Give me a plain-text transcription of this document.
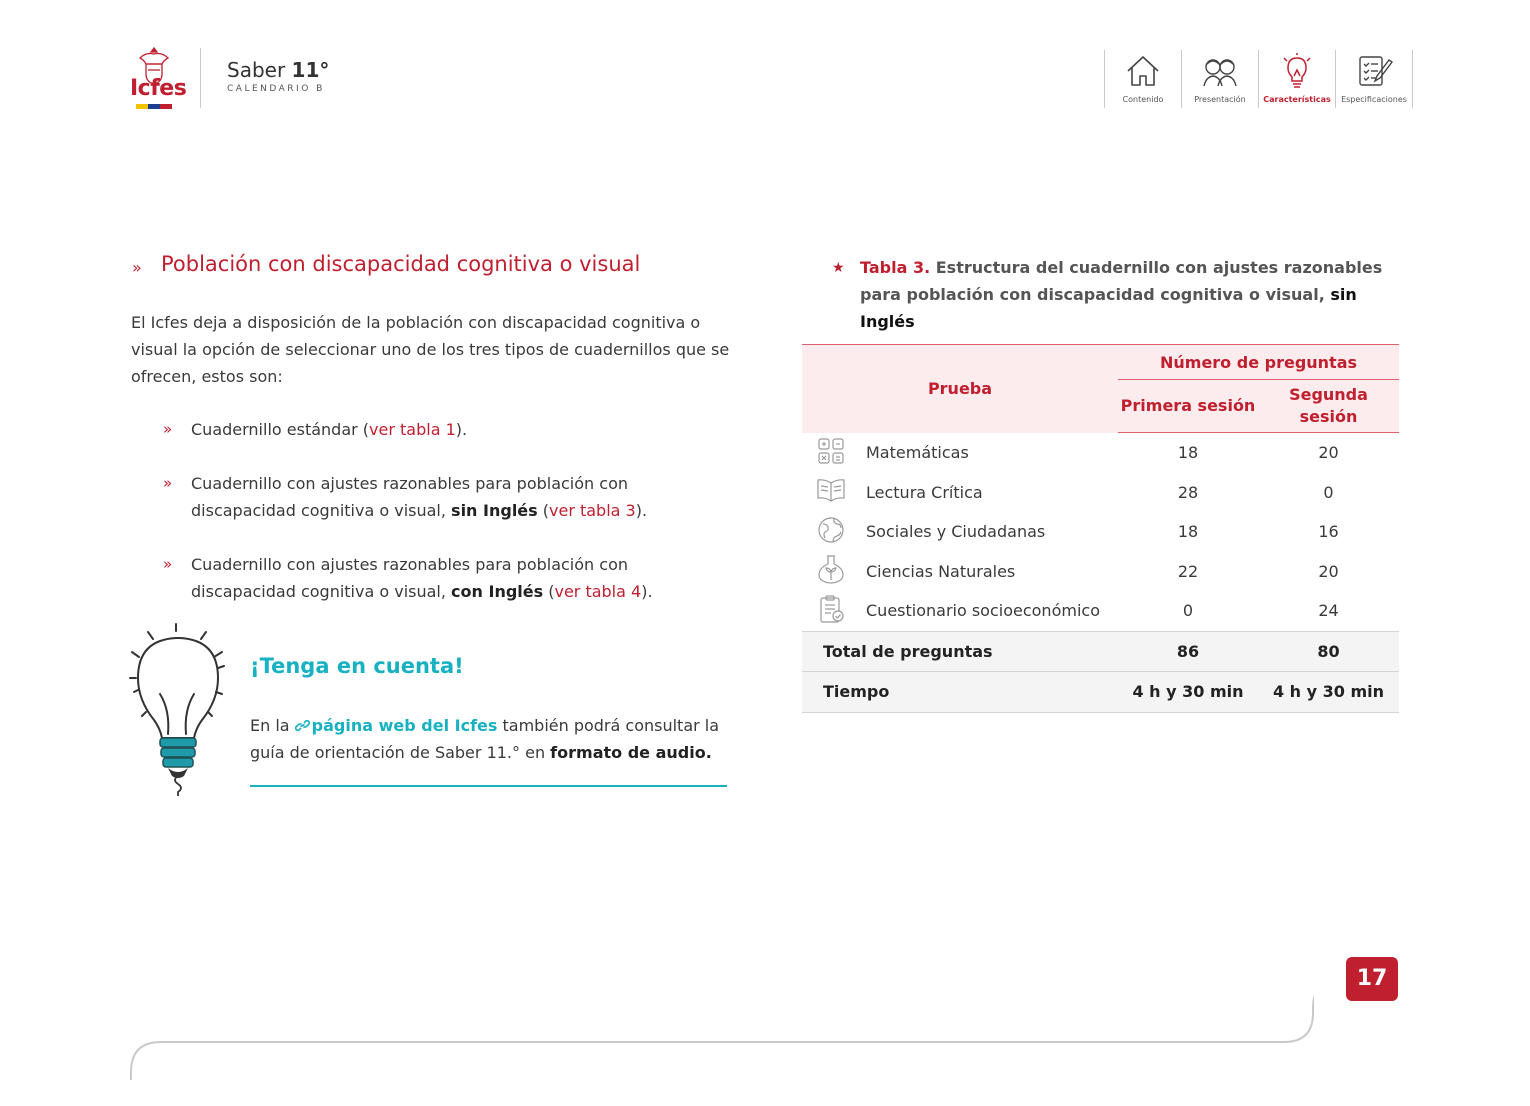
Icfes
Saber 11°
CALENDARIO B
Contenido	Presentación	Características	Especificaciones
» Población con discapacidad cognitiva o visual
El Icfes deja a disposición de la población con discapacidad cognitiva o visual la opción de seleccionar uno de los tres tipos de cuadernillos que se ofrecen, estos son:
» Cuadernillo estándar (ver tabla 1).
» Cuadernillo con ajustes razonables para población con discapacidad cognitiva o visual, sin Inglés (ver tabla 3).
» Cuadernillo con ajustes razonables para población con discapacidad cognitiva o visual, con Inglés (ver tabla 4).
¡Tenga en cuenta!
En la página web del Icfes también podrá consultar la guía de orientación de Saber 11.° en formato de audio.
★ Tabla 3. Estructura del cuadernillo con ajustes razonables para población con discapacidad cognitiva o visual, sin Inglés
Prueba		Número de preguntas	
		Primera sesión	Segunda sesión
	Matemáticas	18	20
	Lectura Crítica	28	0
	Sociales y Ciudadanas	18	16
	Ciencias Naturales	22	20
	Cuestionario socioeconómico	0	24
Total de preguntas		86	80
Tiempo		4 h y 30 min	4 h y 30 min
17
